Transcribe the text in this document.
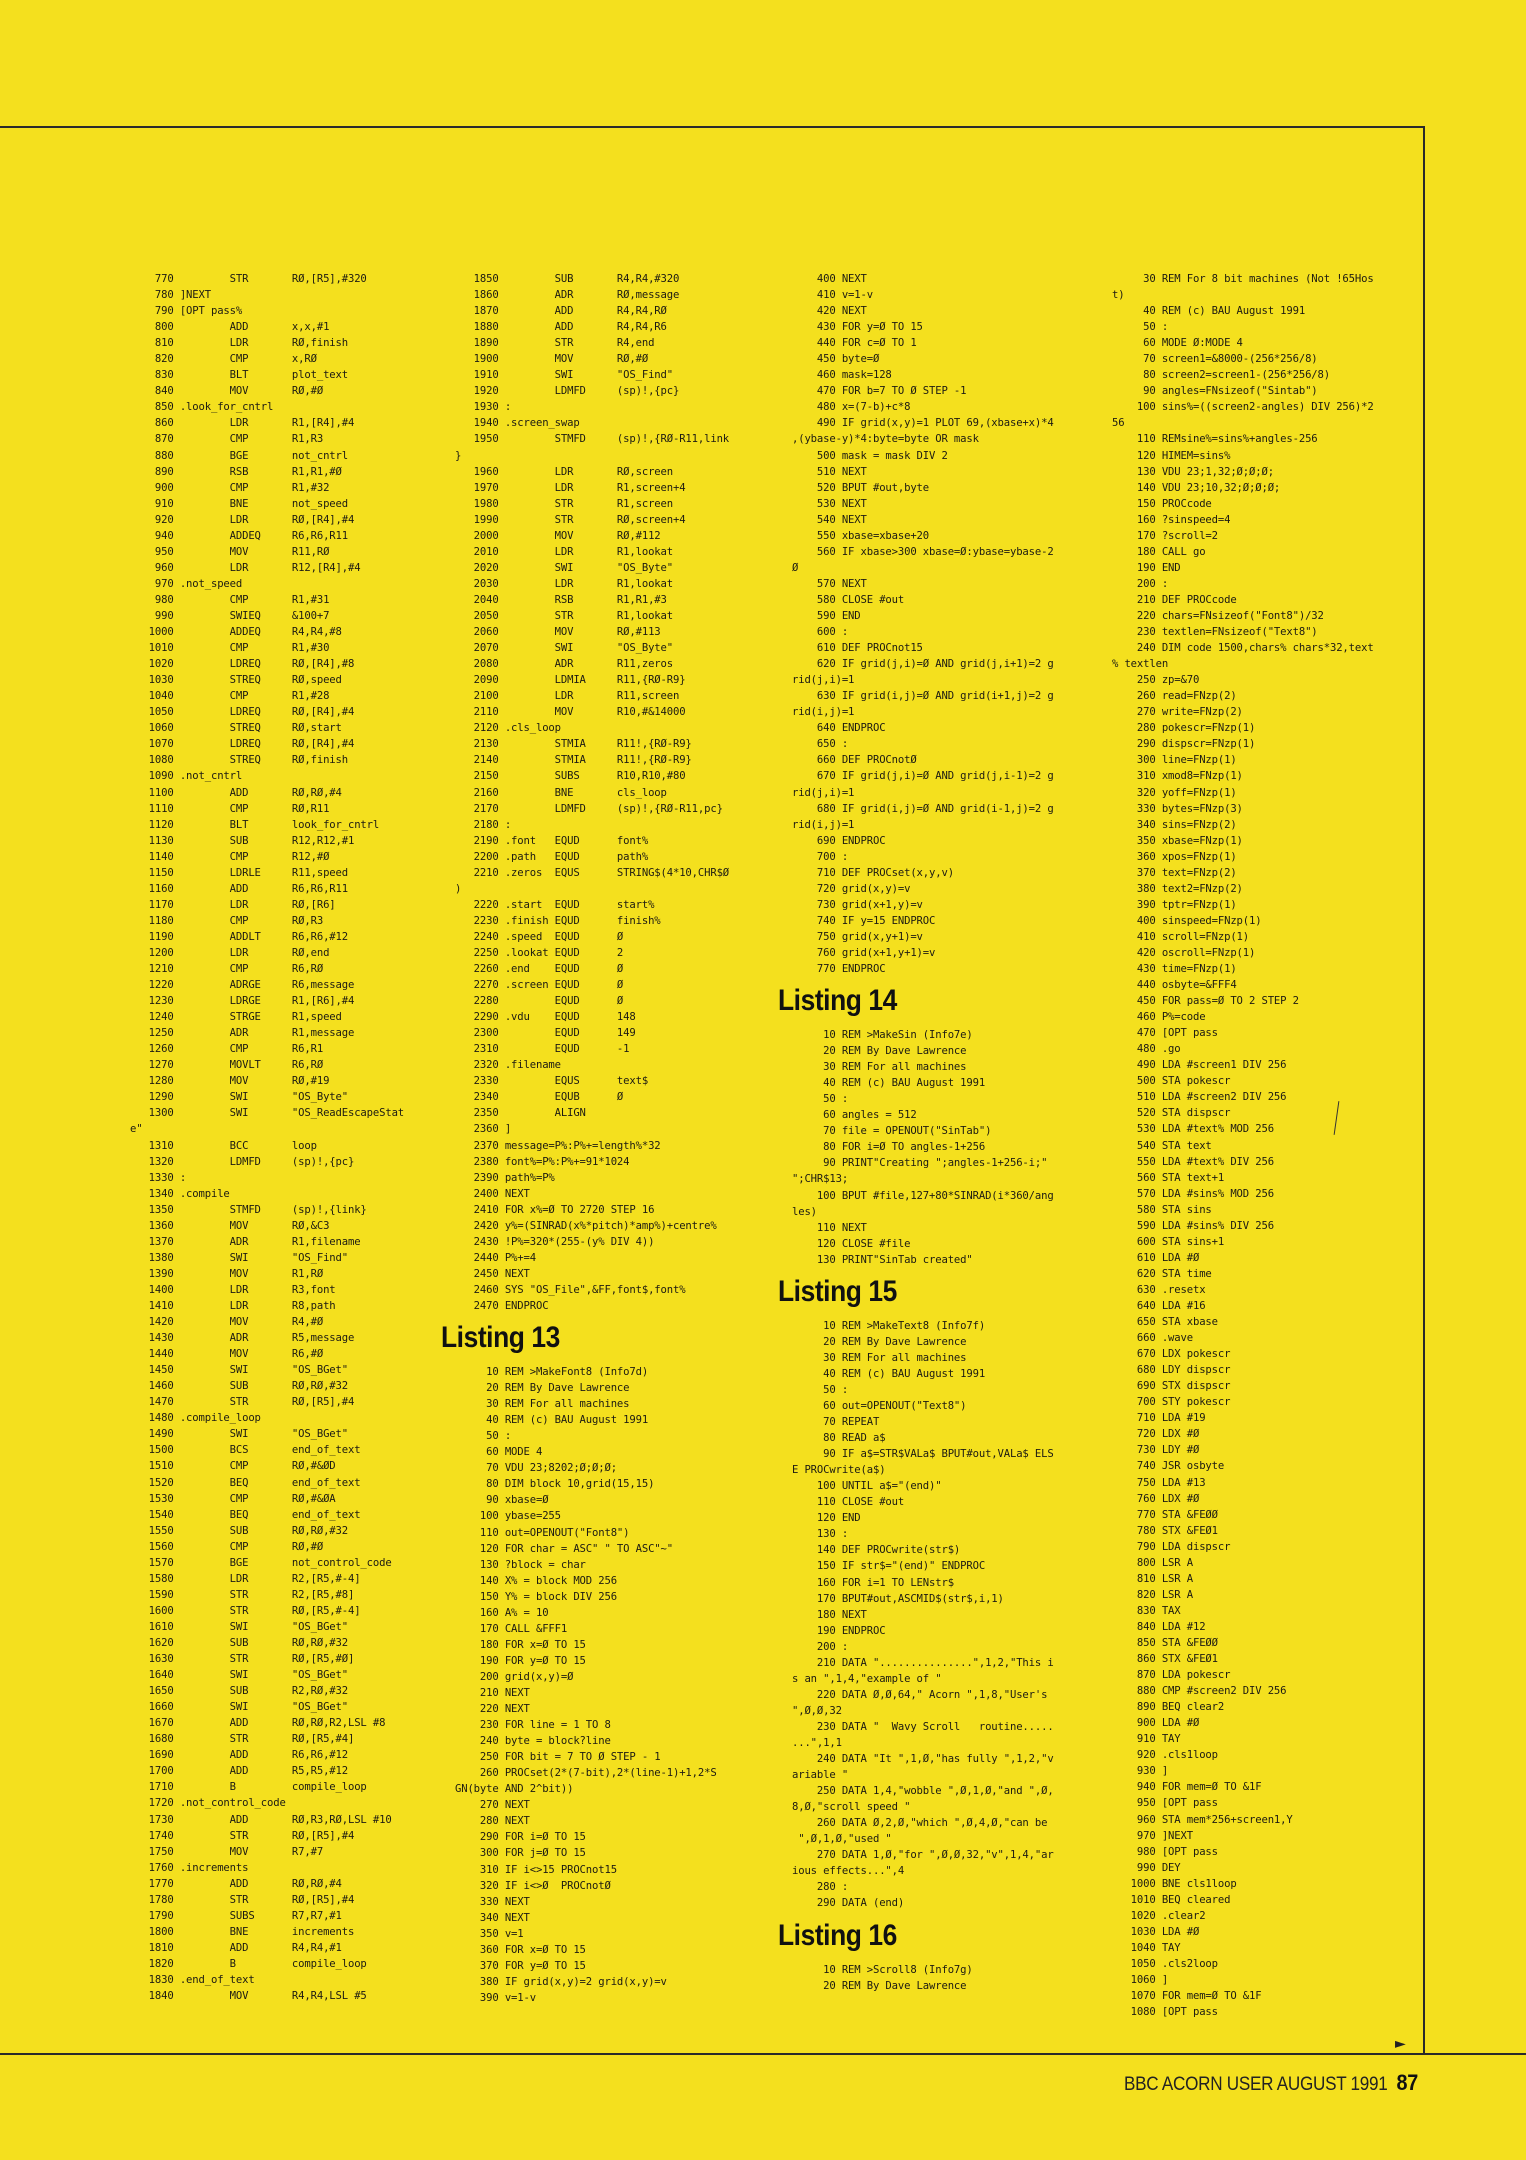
►
770         STR       RØ,[R5],#320
780 ]NEXT
790 [OPT pass%
800         ADD       x,x,#1
810         LDR       RØ,finish
820         CMP       x,RØ
830         BLT       plot_text
840         MOV       RØ,#Ø
850 .look_for_cntrl
860         LDR       R1,[R4],#4
870         CMP       R1,R3
880         BGE       not_cntrl
890         RSB       R1,R1,#Ø
900         CMP       R1,#32
910         BNE       not_speed
920         LDR       RØ,[R4],#4
940         ADDEQ     R6,R6,R11
950         MOV       R11,RØ
960         LDR       R12,[R4],#4
970 .not_speed
980         CMP       R1,#31
990         SWIEQ     &100+7
1000         ADDEQ     R4,R4,#8
1010         CMP       R1,#30
1020         LDREQ     RØ,[R4],#8
1030         STREQ     RØ,speed
1040         CMP       R1,#28
1050         LDREQ     RØ,[R4],#4
1060         STREQ     RØ,start
1070         LDREQ     RØ,[R4],#4
1080         STREQ     RØ,finish
1090 .not_cntrl
1100         ADD       RØ,RØ,#4
1110         CMP       RØ,R11
1120         BLT       look_for_cntrl
1130         SUB       R12,R12,#1
1140         CMP       R12,#Ø
1150         LDRLE     R11,speed
1160         ADD       R6,R6,R11
1170         LDR       RØ,[R6]
1180         CMP       RØ,R3
1190         ADDLT     R6,R6,#12
1200         LDR       RØ,end
1210         CMP       R6,RØ
1220         ADRGE     R6,message
1230         LDRGE     R1,[R6],#4
1240         STRGE     R1,speed
1250         ADR       R1,message
1260         CMP       R6,R1
1270         MOVLT     R6,RØ
1280         MOV       RØ,#19
1290         SWI       "OS_Byte"
1300         SWI       "OS_ReadEscapeStat
e"
1310         BCC       loop
1320         LDMFD     (sp)!,{pc}
1330 :
1340 .compile
1350         STMFD     (sp)!,{link}
1360         MOV       RØ,&C3
1370         ADR       R1,filename
1380         SWI       "OS_Find"
1390         MOV       R1,RØ
1400         LDR       R3,font
1410         LDR       R8,path
1420         MOV       R4,#Ø
1430         ADR       R5,message
1440         MOV       R6,#Ø
1450         SWI       "OS_BGet"
1460         SUB       RØ,RØ,#32
1470         STR       RØ,[R5],#4
1480 .compile_loop
1490         SWI       "OS_BGet"
1500         BCS       end_of_text
1510         CMP       RØ,#&ØD
1520         BEQ       end_of_text
1530         CMP       RØ,#&ØA
1540         BEQ       end_of_text
1550         SUB       RØ,RØ,#32
1560         CMP       RØ,#Ø
1570         BGE       not_control_code
1580         LDR       R2,[R5,#-4]
1590         STR       R2,[R5,#8]
1600         STR       RØ,[R5,#-4]
1610         SWI       "OS_BGet"
1620         SUB       RØ,RØ,#32
1630         STR       RØ,[R5,#Ø]
1640         SWI       "OS_BGet"
1650         SUB       R2,RØ,#32
1660         SWI       "OS_BGet"
1670         ADD       RØ,RØ,R2,LSL #8
1680         STR       RØ,[R5,#4]
1690         ADD       R6,R6,#12
1700         ADD       R5,R5,#12
1710         B         compile_loop
1720 .not_control_code
1730         ADD       RØ,R3,RØ,LSL #10
1740         STR       RØ,[R5],#4
1750         MOV       R7,#7
1760 .increments
1770         ADD       RØ,RØ,#4
1780         STR       RØ,[R5],#4
1790         SUBS      R7,R7,#1
1800         BNE       increments
1810         ADD       R4,R4,#1
1820         B         compile_loop
1830 .end_of_text
1840         MOV       R4,R4,LSL #5
1850         SUB       R4,R4,#320
1860         ADR       RØ,message
1870         ADD       R4,R4,RØ
1880         ADD       R4,R4,R6
1890         STR       R4,end
1900         MOV       RØ,#Ø
1910         SWI       "OS_Find"
1920         LDMFD     (sp)!,{pc}
1930 :
1940 .screen_swap
1950         STMFD     (sp)!,{RØ-R11,link
}
1960         LDR       RØ,screen
1970         LDR       R1,screen+4
1980         STR       R1,screen
1990         STR       RØ,screen+4
2000         MOV       RØ,#112
2010         LDR       R1,lookat
2020         SWI       "OS_Byte"
2030         LDR       R1,lookat
2040         RSB       R1,R1,#3
2050         STR       R1,lookat
2060         MOV       RØ,#113
2070         SWI       "OS_Byte"
2080         ADR       R11,zeros
2090         LDMIA     R11,{RØ-R9}
2100         LDR       R11,screen
2110         MOV       R10,#&14000
2120 .cls_loop
2130         STMIA     R11!,{RØ-R9}
2140         STMIA     R11!,{RØ-R9}
2150         SUBS      R10,R10,#80
2160         BNE       cls_loop
2170         LDMFD     (sp)!,{RØ-R11,pc}
2180 :
2190 .font   EQUD      font%
2200 .path   EQUD      path%
2210 .zeros  EQUS      STRING$(4*10,CHR$Ø
)
2220 .start  EQUD      start%
2230 .finish EQUD      finish%
2240 .speed  EQUD      Ø
2250 .lookat EQUD      2
2260 .end    EQUD      Ø
2270 .screen EQUD      Ø
2280         EQUD      Ø
2290 .vdu    EQUD      148
2300         EQUD      149
2310         EQUD      -1
2320 .filename
2330         EQUS      text$
2340         EQUB      Ø
2350         ALIGN
2360 ]
2370 message=P%:P%+=length%*32
2380 font%=P%:P%+=91*1024
2390 path%=P%
2400 NEXT
2410 FOR x%=Ø TO 2720 STEP 16
2420 y%=(SINRAD(x%*pitch)*amp%)+centre%
2430 !P%=320*(255-(y% DIV 4))
2440 P%+=4
2450 NEXT
2460 SYS "OS_File",&FF,font$,font%
2470 ENDPROC
Listing 13
10 REM >MakeFont8 (Info7d)
20 REM By Dave Lawrence
30 REM For all machines
40 REM (c) BAU August 1991
50 :
60 MODE 4
70 VDU 23;8202;Ø;Ø;Ø;
80 DIM block 10,grid(15,15)
90 xbase=Ø
100 ybase=255
110 out=OPENOUT("Font8")
120 FOR char = ASC" " TO ASC"~"
130 ?block = char
140 X% = block MOD 256
150 Y% = block DIV 256
160 A% = 10
170 CALL &FFF1
180 FOR x=Ø TO 15
190 FOR y=Ø TO 15
200 grid(x,y)=Ø
210 NEXT
220 NEXT
230 FOR line = 1 TO 8
240 byte = block?line
250 FOR bit = 7 TO Ø STEP - 1
260 PROCset(2*(7-bit),2*(line-1)+1,2*S
GN(byte AND 2^bit))
270 NEXT
280 NEXT
290 FOR i=Ø TO 15
300 FOR j=Ø TO 15
310 IF i<>15 PROCnot15
320 IF i<>Ø  PROCnotØ
330 NEXT
340 NEXT
350 v=1
360 FOR x=Ø TO 15
370 FOR y=Ø TO 15
380 IF grid(x,y)=2 grid(x,y)=v
390 v=1-v
400 NEXT
410 v=1-v
420 NEXT
430 FOR y=Ø TO 15
440 FOR c=Ø TO 1
450 byte=Ø
460 mask=128
470 FOR b=7 TO Ø STEP -1
480 x=(7-b)+c*8
490 IF grid(x,y)=1 PLOT 69,(xbase+x)*4
,(ybase-y)*4:byte=byte OR mask
500 mask = mask DIV 2
510 NEXT
520 BPUT #out,byte
530 NEXT
540 NEXT
550 xbase=xbase+20
560 IF xbase>300 xbase=Ø:ybase=ybase-2
Ø
570 NEXT
580 CLOSE #out
590 END
600 :
610 DEF PROCnot15
620 IF grid(j,i)=Ø AND grid(j,i+1)=2 g
rid(j,i)=1
630 IF grid(i,j)=Ø AND grid(i+1,j)=2 g
rid(i,j)=1
640 ENDPROC
650 :
660 DEF PROCnotØ
670 IF grid(j,i)=Ø AND grid(j,i-1)=2 g
rid(j,i)=1
680 IF grid(i,j)=Ø AND grid(i-1,j)=2 g
rid(i,j)=1
690 ENDPROC
700 :
710 DEF PROCset(x,y,v)
720 grid(x,y)=v
730 grid(x+1,y)=v
740 IF y=15 ENDPROC
750 grid(x,y+1)=v
760 grid(x+1,y+1)=v
770 ENDPROC
Listing 14
10 REM >MakeSin (Info7e)
20 REM By Dave Lawrence
30 REM For all machines
40 REM (c) BAU August 1991
50 :
60 angles = 512
70 file = OPENOUT("SinTab")
80 FOR i=Ø TO angles-1+256
90 PRINT"Creating ";angles-1+256-i;"
";CHR$13;
100 BPUT #file,127+80*SINRAD(i*360/ang
les)
110 NEXT
120 CLOSE #file
130 PRINT"SinTab created"
Listing 15
10 REM >MakeText8 (Info7f)
20 REM By Dave Lawrence
30 REM For all machines
40 REM (c) BAU August 1991
50 :
60 out=OPENOUT("Text8")
70 REPEAT
80 READ a$
90 IF a$=STR$VALa$ BPUT#out,VALa$ ELS
E PROCwrite(a$)
100 UNTIL a$="(end)"
110 CLOSE #out
120 END
130 :
140 DEF PROCwrite(str$)
150 IF str$="(end)" ENDPROC
160 FOR i=1 TO LENstr$
170 BPUT#out,ASCMID$(str$,i,1)
180 NEXT
190 ENDPROC
200 :
210 DATA "...............",1,2,"This i
s an ",1,4,"example of "
220 DATA Ø,Ø,64," Acorn ",1,8,"User's
",Ø,Ø,32
230 DATA "  Wavy Scroll   routine.....
...",1,1
240 DATA "It ",1,Ø,"has fully ",1,2,"v
ariable "
250 DATA 1,4,"wobble ",Ø,1,Ø,"and ",Ø,
8,Ø,"scroll speed "
260 DATA Ø,2,Ø,"which ",Ø,4,Ø,"can be
",Ø,1,Ø,"used "
270 DATA 1,Ø,"for ",Ø,Ø,32,"v",1,4,"ar
ious effects...",4
280 :
290 DATA (end)
Listing 16
10 REM >Scroll8 (Info7g)
20 REM By Dave Lawrence
30 REM For 8 bit machines (Not !65Hos
t)
40 REM (c) BAU August 1991
50 :
60 MODE Ø:MODE 4
70 screen1=&8000-(256*256/8)
80 screen2=screen1-(256*256/8)
90 angles=FNsizeof("Sintab")
100 sins%=((screen2-angles) DIV 256)*2
56
110 REMsine%=sins%+angles-256
120 HIMEM=sins%
130 VDU 23;1,32;Ø;Ø;Ø;
140 VDU 23;10,32;Ø;Ø;Ø;
150 PROCcode
160 ?sinspeed=4
170 ?scroll=2
180 CALL go
190 END
200 :
210 DEF PROCcode
220 chars=FNsizeof("Font8")/32
230 textlen=FNsizeof("Text8")
240 DIM code 1500,chars% chars*32,text
% textlen
250 zp=&70
260 read=FNzp(2)
270 write=FNzp(2)
280 pokescr=FNzp(1)
290 dispscr=FNzp(1)
300 line=FNzp(1)
310 xmod8=FNzp(1)
320 yoff=FNzp(1)
330 bytes=FNzp(3)
340 sins=FNzp(2)
350 xbase=FNzp(1)
360 xpos=FNzp(1)
370 text=FNzp(2)
380 text2=FNzp(2)
390 tptr=FNzp(1)
400 sinspeed=FNzp(1)
410 scroll=FNzp(1)
420 oscroll=FNzp(1)
430 time=FNzp(1)
440 osbyte=&FFF4
450 FOR pass=Ø TO 2 STEP 2
460 P%=code
470 [OPT pass
480 .go
490 LDA #screen1 DIV 256
500 STA pokescr
510 LDA #screen2 DIV 256
520 STA dispscr
530 LDA #text% MOD 256
540 STA text
550 LDA #text% DIV 256
560 STA text+1
570 LDA #sins% MOD 256
580 STA sins
590 LDA #sins% DIV 256
600 STA sins+1
610 LDA #Ø
620 STA time
630 .resetx
640 LDA #16
650 STA xbase
660 .wave
670 LDX pokescr
680 LDY dispscr
690 STX dispscr
700 STY pokescr
710 LDA #19
720 LDX #Ø
730 LDY #Ø
740 JSR osbyte
750 LDA #13
760 LDX #Ø
770 STA &FEØØ
780 STX &FEØ1
790 LDA dispscr
800 LSR A
810 LSR A
820 LSR A
830 TAX
840 LDA #12
850 STA &FEØØ
860 STX &FEØ1
870 LDA pokescr
880 CMP #screen2 DIV 256
890 BEQ clear2
900 LDA #Ø
910 TAY
920 .cls1loop
930 ]
940 FOR mem=Ø TO &1F
950 [OPT pass
960 STA mem*256+screen1,Y
970 ]NEXT
980 [OPT pass
990 DEY
1000 BNE cls1loop
1010 BEQ cleared
1020 .clear2
1030 LDA #Ø
1040 TAY
1050 .cls2loop
1060 ]
1070 FOR mem=Ø TO &1F
1080 [OPT pass
BBC ACORN USER AUGUST 1991 87
